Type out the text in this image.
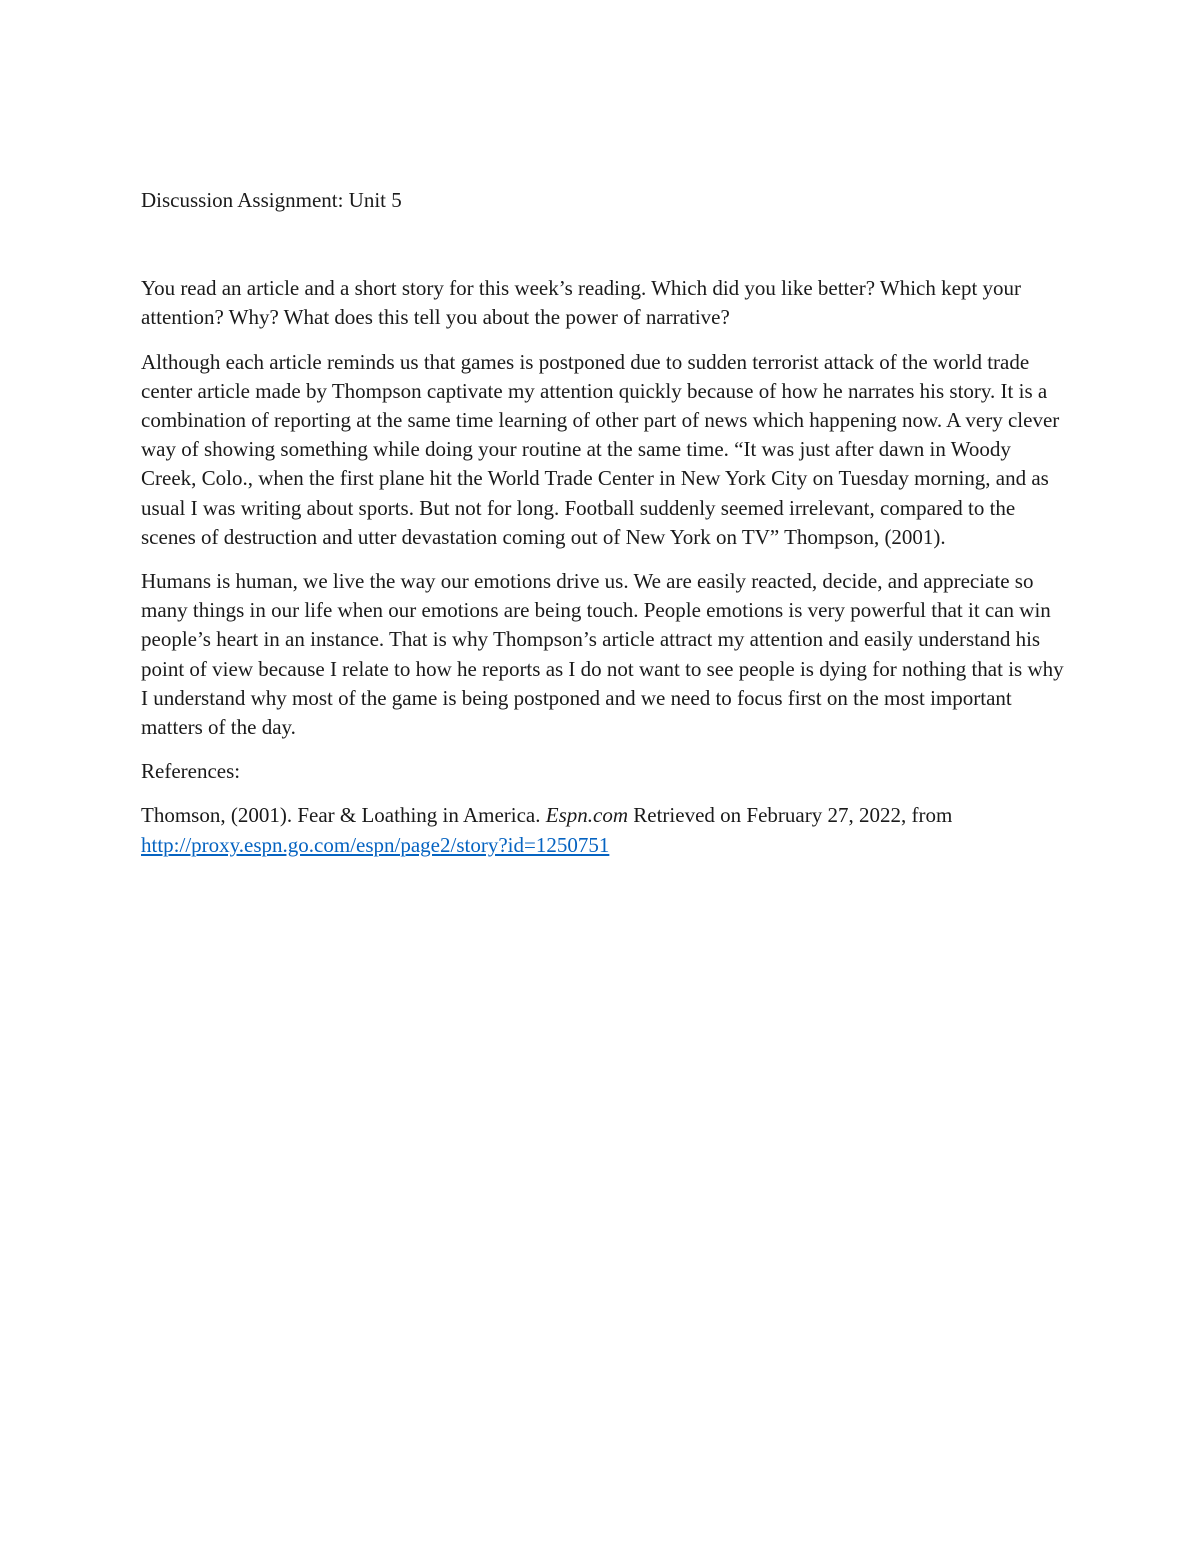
Discussion Assignment: Unit 5

You read an article and a short story for this week’s reading. Which did you like better? Which kept your attention? Why? What does this tell you about the power of narrative?

Although each article reminds us that games is postponed due to sudden terrorist attack of the world trade center article made by Thompson captivate my attention quickly because of how he narrates his story. It is a combination of reporting at the same time learning of other part of news which happening now. A very clever way of showing something while doing your routine at the same time. “It was just after dawn in Woody Creek, Colo., when the first plane hit the World Trade Center in New York City on Tuesday morning, and as usual I was writing about sports. But not for long. Football suddenly seemed irrelevant, compared to the scenes of destruction and utter devastation coming out of New York on TV” Thompson, (2001).

Humans is human, we live the way our emotions drive us. We are easily reacted, decide, and appreciate so many things in our life when our emotions are being touch. People emotions is very powerful that it can win people’s heart in an instance. That is why Thompson’s article attract my attention and easily understand his point of view because I relate to how he reports as I do not want to see people is dying for nothing that is why I understand why most of the game is being postponed and we need to focus first on the most important matters of the day.

References:

Thomson, (2001). Fear & Loathing in America. Espn.com Retrieved on February 27, 2022, from http://proxy.espn.go.com/espn/page2/story?id=1250751
